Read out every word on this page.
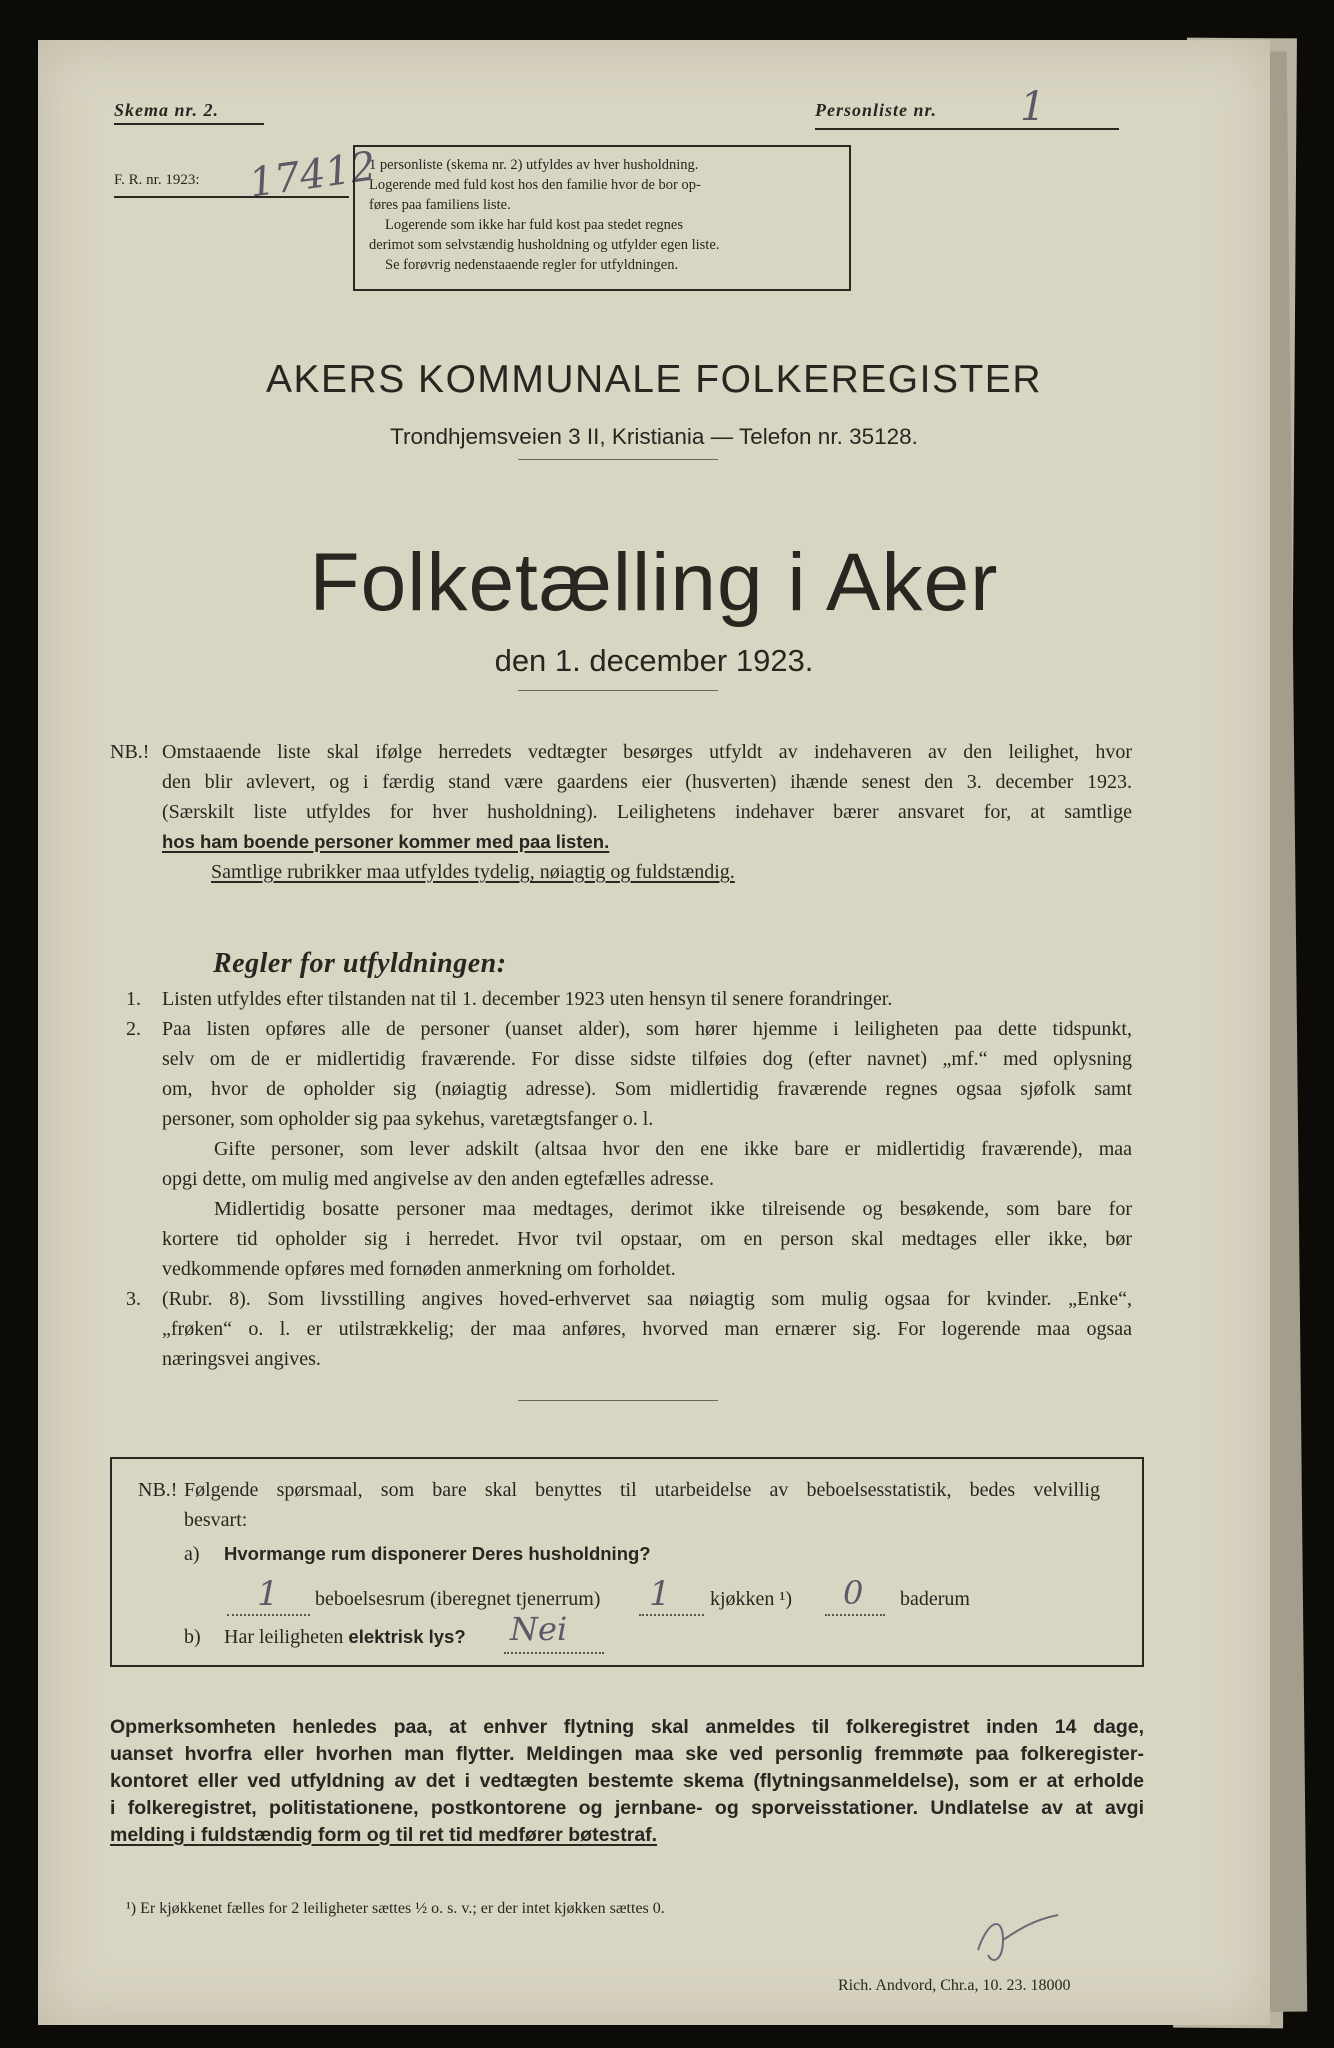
Skema nr. 2.
F. R. nr. 1923: 17412
1 personliste (skema nr. 2) utfyldes av hver husholdning.
Logerende med fuld kost hos den familie hvor de bor op-
føres paa familiens liste.
Logerende som ikke har fuld kost paa stedet regnes
derimot som selvstændig husholdning og utfylder egen liste.
Se forøvrig nedenstaaende regler for utfyldningen.
Personliste nr. 1
AKERS KOMMUNALE FOLKEREGISTER
Trondhjemsveien 3 II, Kristiania — Telefon nr. 35128.
Folketælling i Aker
den 1. december 1923.
NB.! Omstaaende liste skal ifølge herredets vedtægter besørges utfyldt av indehaveren av den leilighet, hvor
den blir avlevert, og i færdig stand være gaardens eier (husverten) ihænde senest den 3. december 1923.
(Særskilt liste utfyldes for hver husholdning). Leilighetens indehaver bærer ansvaret for, at samtlige
hos ham boende personer kommer med paa listen.
Samtlige rubrikker maa utfyldes tydelig, nøiagtig og fuldstændig.
Regler for utfyldningen:
1. Listen utfyldes efter tilstanden nat til 1. december 1923 uten hensyn til senere forandringer.
2. Paa listen opføres alle de personer (uanset alder), som hører hjemme i leiligheten paa dette tidspunkt,
selv om de er midlertidig fraværende. For disse sidste tilføies dog (efter navnet) „mf.“ med oplysning
om, hvor de opholder sig (nøiagtig adresse). Som midlertidig fraværende regnes ogsaa sjøfolk samt
personer, som opholder sig paa sykehus, varetægtsfanger o. l.
Gifte personer, som lever adskilt (altsaa hvor den ene ikke bare er midlertidig fraværende), maa
opgi dette, om mulig med angivelse av den anden egtefælles adresse.
Midlertidig bosatte personer maa medtages, derimot ikke tilreisende og besøkende, som bare for
kortere tid opholder sig i herredet. Hvor tvil opstaar, om en person skal medtages eller ikke, bør
vedkommende opføres med fornøden anmerkning om forholdet.
3. (Rubr. 8). Som livsstilling angives hoved-erhvervet saa nøiagtig som mulig ogsaa for kvinder. „Enke“,
„frøken“ o. l. er utilstrækkelig; der maa anføres, hvorved man ernærer sig. For logerende maa ogsaa
næringsvei angives.
NB.! Følgende spørsmaal, som bare skal benyttes til utarbeidelse av beboelsesstatistik, bedes velvillig
besvart:
a) Hvormange rum disponerer Deres husholdning?
1 beboelsesrum (iberegnet tjenerrum) 1 kjøkken ¹) 0 baderum
b) Har leiligheten elektrisk lys? Nei
Opmerksomheten henledes paa, at enhver flytning skal anmeldes til folkeregistret inden 14 dage,
uanset hvorfra eller hvorhen man flytter. Meldingen maa ske ved personlig fremmøte paa folkeregister-
kontoret eller ved utfyldning av det i vedtægten bestemte skema (flytningsanmeldelse), som er at erholde
i folkeregistret, politistationene, postkontorene og jernbane- og sporveisstationer. Undlatelse av at avgi
melding i fuldstændig form og til ret tid medfører bøtestraf.
¹) Er kjøkkenet fælles for 2 leiligheter sættes ½ o. s. v.; er der intet kjøkken sættes 0.
Rich. Andvord, Chr.a, 10. 23. 18000
